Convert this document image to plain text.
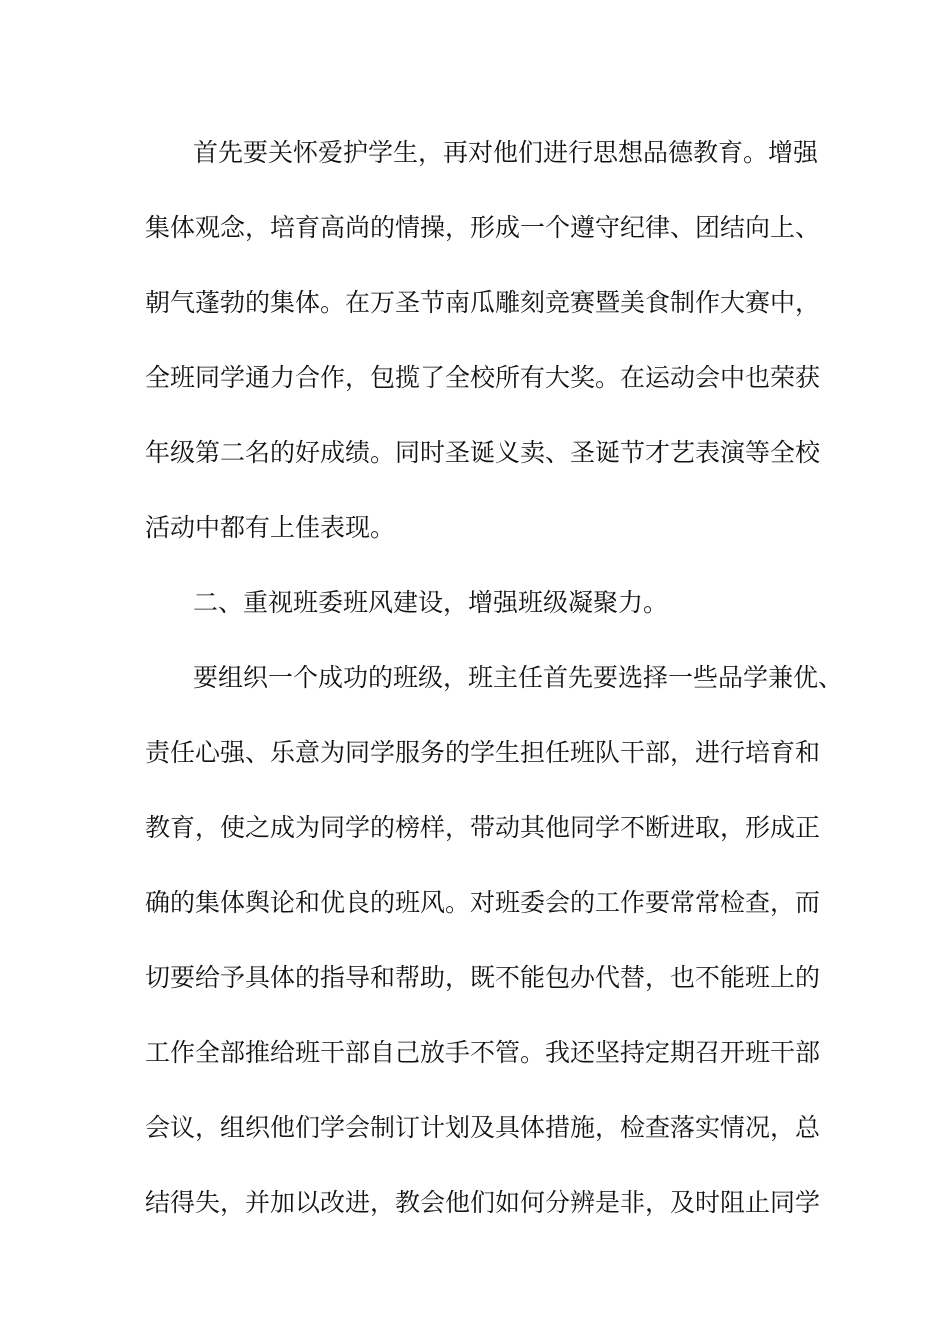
首先要关怀爱护学生，再对他们进行思想品德教育。增强
集体观念，培育高尚的情操，形成一个遵守纪律、团结向上、
朝气蓬勃的集体。在万圣节南瓜雕刻竞赛暨美食制作大赛中，
全班同学通力合作，包揽了全校所有大奖。在运动会中也荣获
年级第二名的好成绩。同时圣诞义卖、圣诞节才艺表演等全校
活动中都有上佳表现。
二、重视班委班风建设，增强班级凝聚力。
要组织一个成功的班级，班主任首先要选择一些品学兼优、
责任心强、乐意为同学服务的学生担任班队干部，进行培育和
教育，使之成为同学的榜样，带动其他同学不断进取，形成正
确的集体舆论和优良的班风。对班委会的工作要常常检查，而
切要给予具体的指导和帮助，既不能包办代替，也不能班上的
工作全部推给班干部自己放手不管。我还坚持定期召开班干部
会议，组织他们学会制订计划及具体措施，检查落实情况，总
结得失，并加以改进，教会他们如何分辨是非，及时阻止同学
